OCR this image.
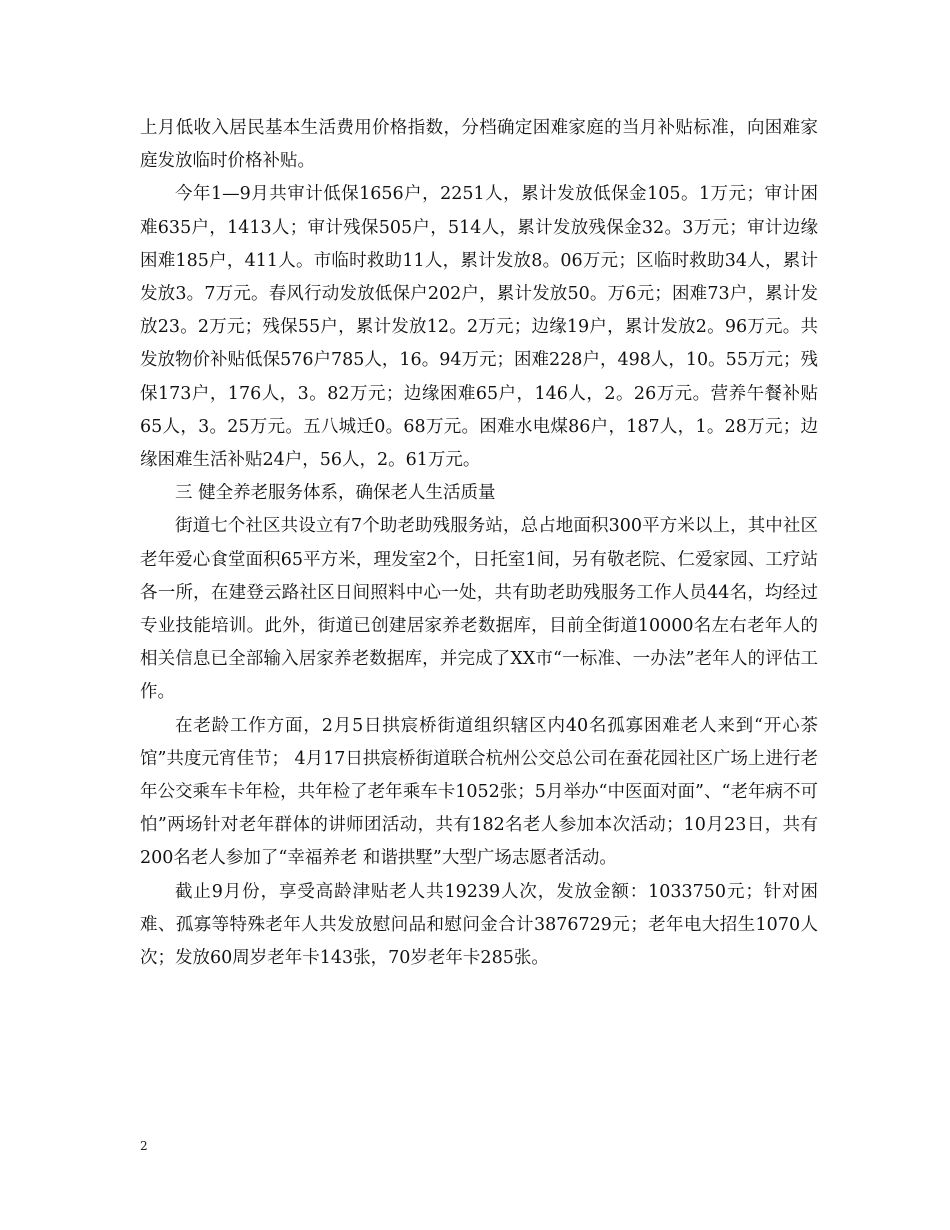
上月低收入居民基本生活费用价格指数，分档确定困难家庭的当月补贴标准，向困难家庭发放临时价格补贴。

今年1—9月共审计低保1656户，2251人，累计发放低保金105。1万元；审计困难635户，1413人；审计残保505户，514人，累计发放残保金32。3万元；审计边缘困难185户，411人。市临时救助11人，累计发放8。06万元；区临时救助34人，累计发放3。7万元。春风行动发放低保户202户，累计发放50。万6元；困难73户，累计发放23。2万元；残保55户，累计发放12。2万元；边缘19户，累计发放2。96万元。共发放物价补贴低保576户785人，16。94万元；困难228户，498人，10。55万元；残保173户，176人，3。82万元；边缘困难65户，146人，2。26万元。营养午餐补贴65人，3。25万元。五八城迁0。68万元。困难水电煤86户，187人，1。28万元；边缘困难生活补贴24户，56人，2。61万元。

三 健全养老服务体系，确保老人生活质量

街道七个社区共设立有7个助老助残服务站，总占地面积300平方米以上，其中社区老年爱心食堂面积65平方米，理发室2个，日托室1间，另有敬老院、仁爱家园、工疗站各一所，在建登云路社区日间照料中心一处，共有助老助残服务工作人员44名，均经过专业技能培训。此外，街道已创建居家养老数据库，目前全街道10000名左右老年人的相关信息已全部输入居家养老数据库，并完成了XX市“一标准、一办法”老年人的评估工作。

在老龄工作方面，2月5日拱宸桥街道组织辖区内40名孤寡困难老人来到“开心茶馆”共度元宵佳节； 4月17日拱宸桥街道联合杭州公交总公司在蚕花园社区广场上进行老年公交乘车卡年检，共年检了老年乘车卡1052张；5月举办“中医面对面”、“老年病不可怕”两场针对老年群体的讲师团活动，共有182名老人参加本次活动；10月23日，共有200名老人参加了“幸福养老 和谐拱墅”大型广场志愿者活动。

截止9月份，享受高龄津贴老人共19239人次，发放金额：1033750元；针对困难、孤寡等特殊老年人共发放慰问品和慰问金合计3876729元；老年电大招生1070人次；发放60周岁老年卡143张，70岁老年卡285张。

2
